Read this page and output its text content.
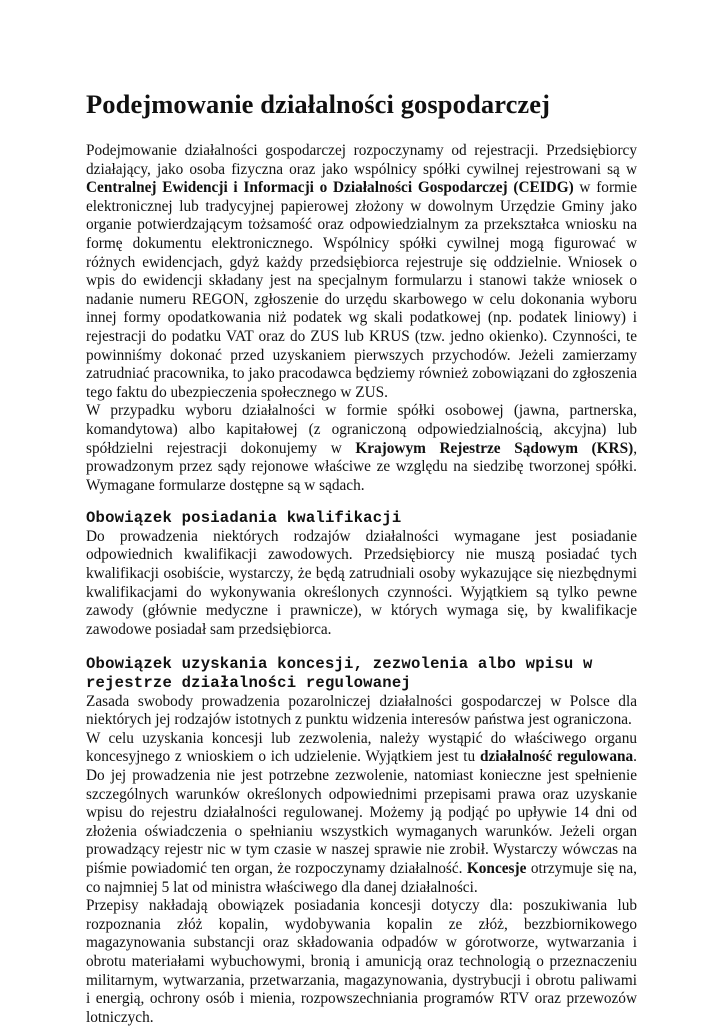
Podejmowanie działalności gospodarczej

Podejmowanie działalności gospodarczej rozpoczynamy od rejestracji. Przedsiębiorcy działający, jako osoba fizyczna oraz jako wspólnicy spółki cywilnej rejestrowani są w Centralnej Ewidencji i Informacji o Działalności Gospodarczej (CEIDG) w formie elektronicznej lub tradycyjnej papierowej złożony w dowolnym Urzędzie Gminy jako organie potwierdzającym tożsamość oraz odpowiedzialnym za przekształca wniosku na formę dokumentu elektronicznego. Wspólnicy spółki cywilnej mogą figurować w różnych ewidencjach, gdyż każdy przedsiębiorca rejestruje się oddzielnie. Wniosek o wpis do ewidencji składany jest na specjalnym formularzu i stanowi także wniosek o nadanie numeru REGON, zgłoszenie do urzędu skarbowego w celu dokonania wyboru innej formy opodatkowania niż podatek wg skali podatkowej (np. podatek liniowy) i rejestracji do podatku VAT oraz do ZUS lub KRUS (tzw. jedno okienko). Czynności, te powinniśmy dokonać przed uzyskaniem pierwszych przychodów. Jeżeli zamierzamy zatrudniać pracownika, to jako pracodawca będziemy również zobowiązani do zgłoszenia tego faktu do ubezpieczenia społecznego w ZUS.

W przypadku wyboru działalności w formie spółki osobowej (jawna, partnerska, komandytowa) albo kapitałowej (z ograniczoną odpowiedzialnością, akcyjna) lub spółdzielni rejestracji dokonujemy w Krajowym Rejestrze Sądowym (KRS), prowadzonym przez sądy rejonowe właściwe ze względu na siedzibę tworzonej spółki. Wymagane formularze dostępne są w sądach.

Obowiązek posiadania kwalifikacji

Do prowadzenia niektórych rodzajów działalności wymagane jest posiadanie odpowiednich kwalifikacji zawodowych. Przedsiębiorcy nie muszą posiadać tych kwalifikacji osobiście, wystarczy, że będą zatrudniali osoby wykazujące się niezbędnymi kwalifikacjami do wykonywania określonych czynności. Wyjątkiem są tylko pewne zawody (głównie medyczne i prawnicze), w których wymaga się, by kwalifikacje zawodowe posiadał sam przedsiębiorca.

Obowiązek uzyskania koncesji, zezwolenia albo wpisu w rejestrze działalności regulowanej

Zasada swobody prowadzenia pozarolniczej działalności gospodarczej w Polsce dla niektórych jej rodzajów istotnych z punktu widzenia interesów państwa jest ograniczona.

W celu uzyskania koncesji lub zezwolenia, należy wystąpić do właściwego organu koncesyjnego z wnioskiem o ich udzielenie. Wyjątkiem jest tu działalność regulowana. Do jej prowadzenia nie jest potrzebne zezwolenie, natomiast konieczne jest spełnienie szczególnych warunków określonych odpowiednimi przepisami prawa oraz uzyskanie wpisu do rejestru działalności regulowanej. Możemy ją podjąć po upływie 14 dni od złożenia oświadczenia o spełnianiu wszystkich wymaganych warunków. Jeżeli organ prowadzący rejestr nic w tym czasie w naszej sprawie nie zrobił. Wystarczy wówczas na piśmie powiadomić ten organ, że rozpoczynamy działalność. Koncesje otrzymuje się na, co najmniej 5 lat od ministra właściwego dla danej działalności.

Przepisy nakładają obowiązek posiadania koncesji dotyczy dla: poszukiwania lub rozpoznania złóż kopalin, wydobywania kopalin ze złóż, bezzbiornikowego magazynowania substancji oraz składowania odpadów w górotworze, wytwarzania i obrotu materiałami wybuchowymi, bronią i amunicją oraz technologią o przeznaczeniu militarnym, wytwarzania, przetwarzania, magazynowania, dystrybucji i obrotu paliwami i energią, ochrony osób i mienia, rozpowszechniania programów RTV oraz przewozów lotniczych.
